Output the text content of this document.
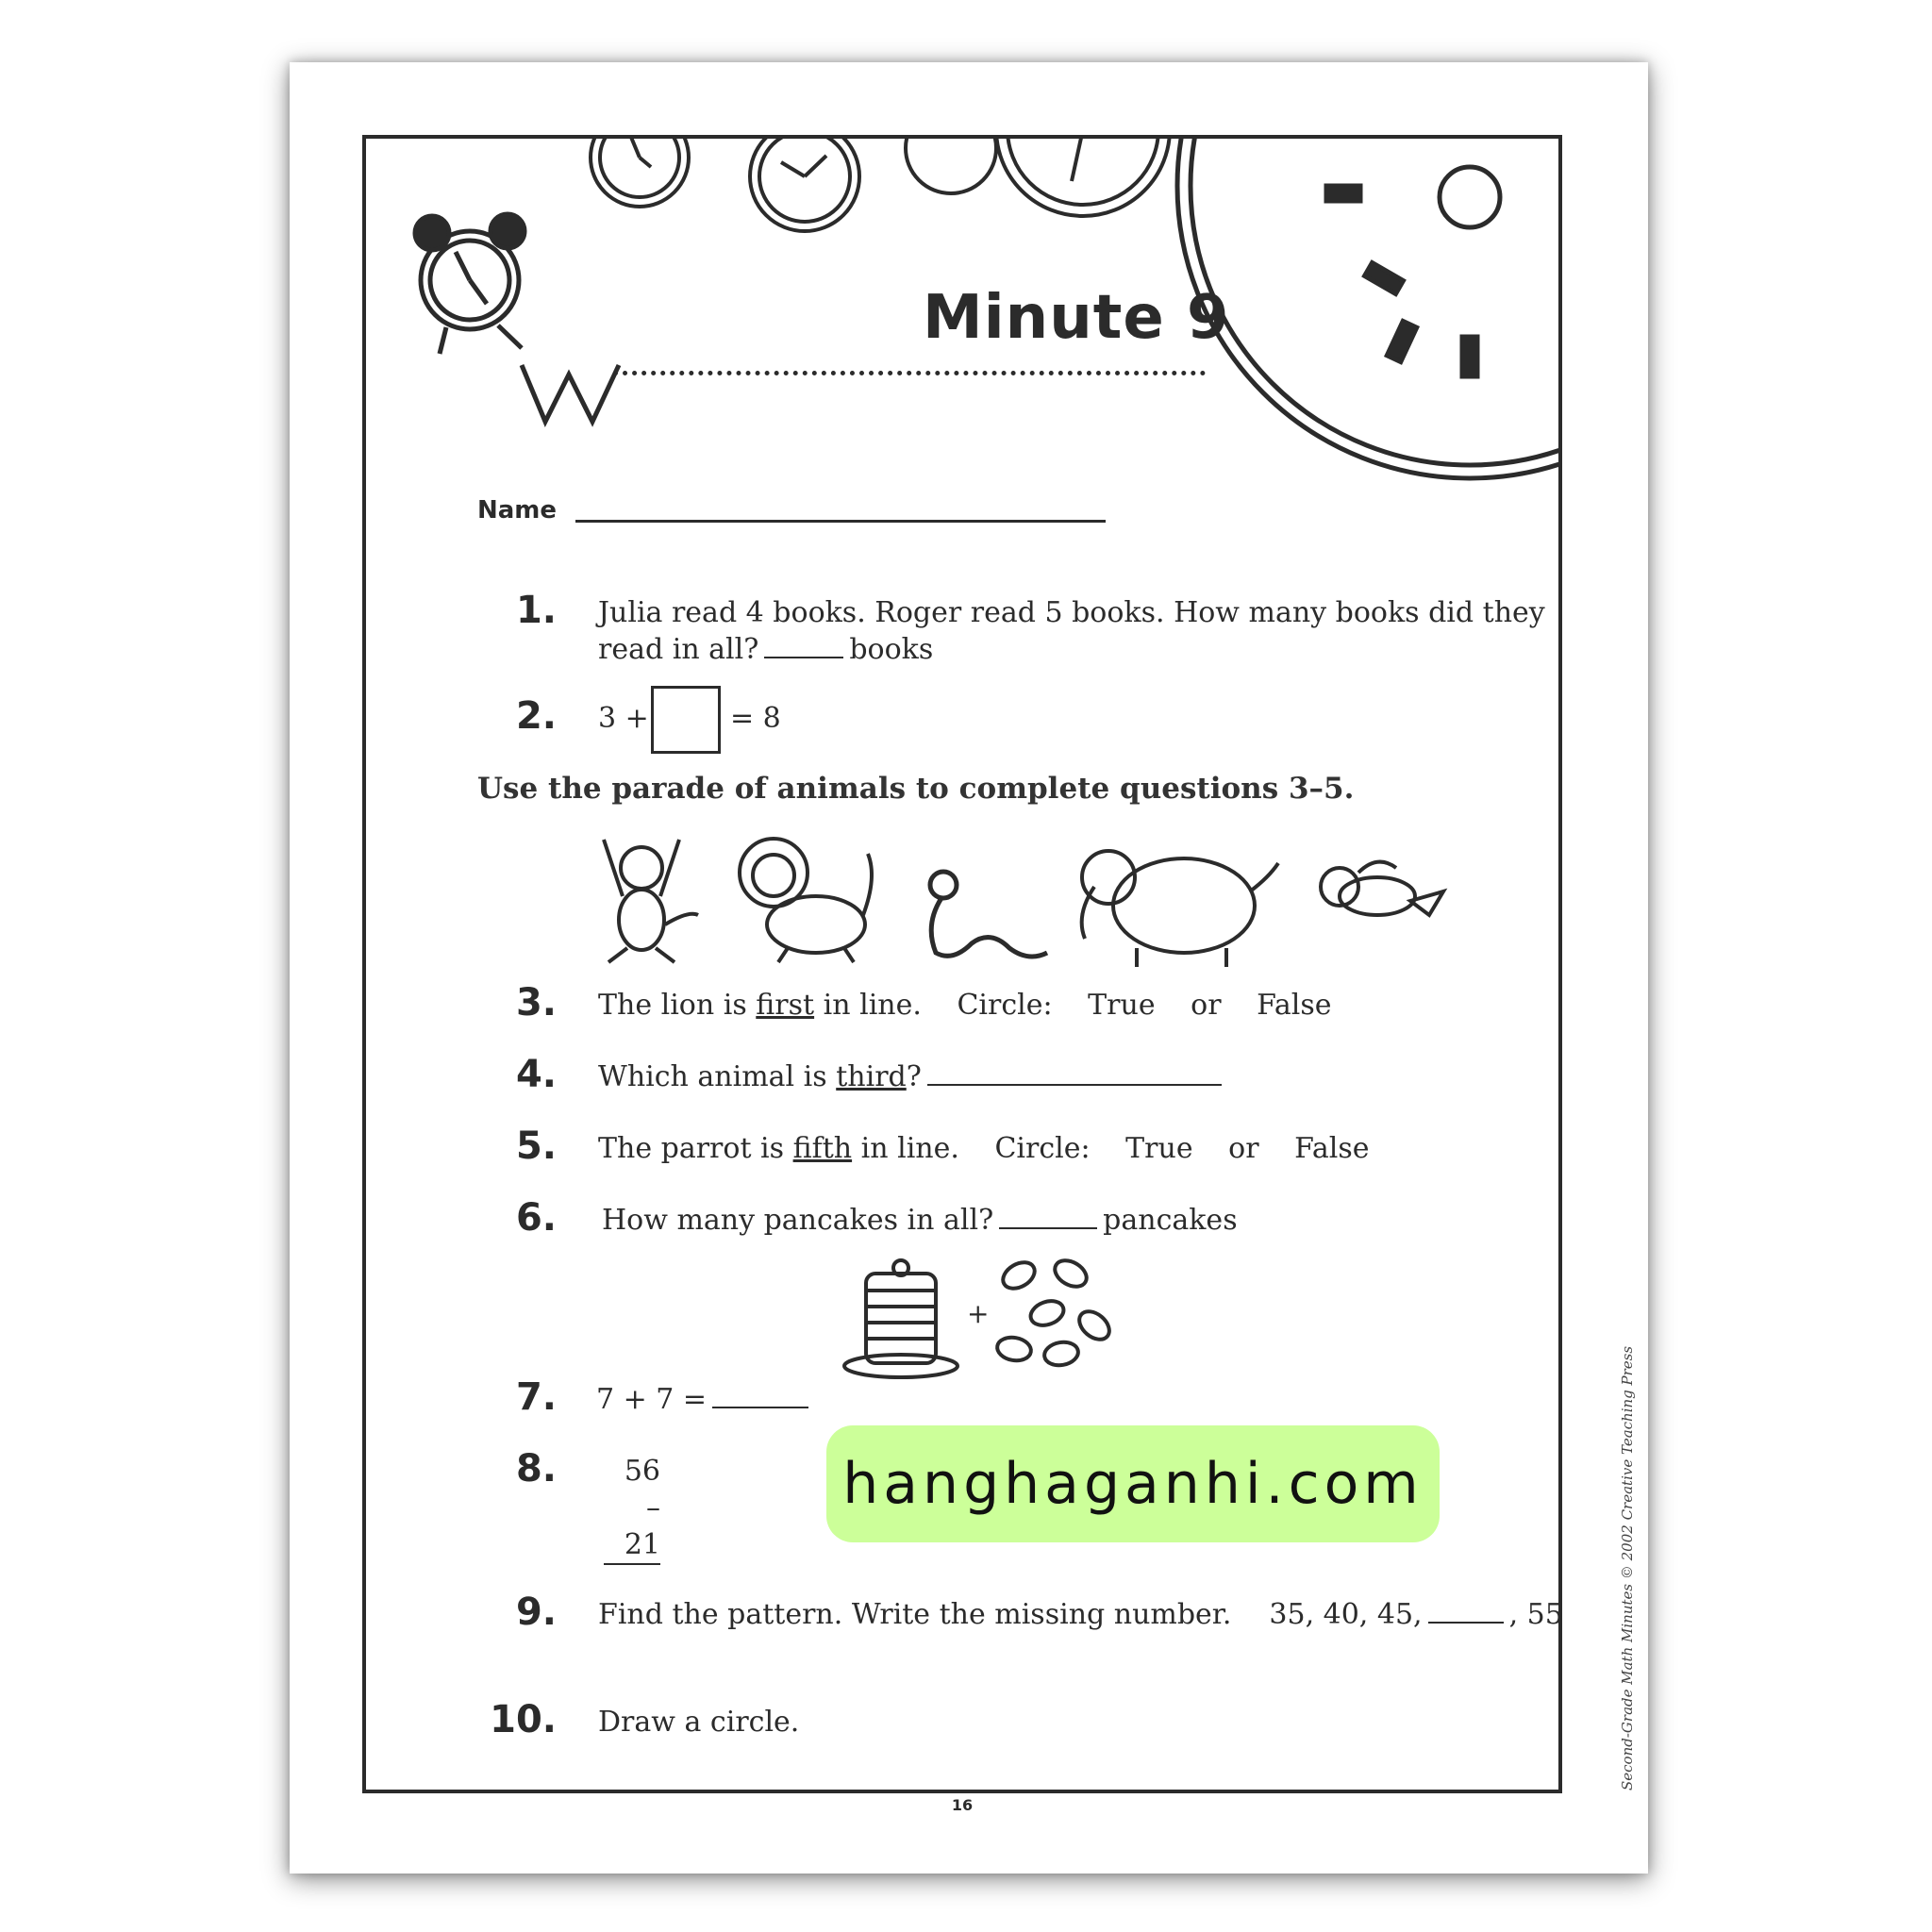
Minute 9
Name
1. Julia read 4 books. Roger read 5 books. How many books did they
read in all?	books
2. 3 +	= 8
Use the parade of animals to complete questions 3–5.
3. The lion is first in line. Circle: True or False
4. Which animal is third?
5. The parrot is fifth in line. Circle: True or False
6. How many pancakes in all?	pancakes
+
7. 7 + 7 =
8.	56
– 21
hanghaganhi.com
9. Find the pattern. Write the missing number. 35, 40, 45,	, 55
10. Draw a circle.
16
Second-Grade Math Minutes © 2002 Creative Teaching Press
